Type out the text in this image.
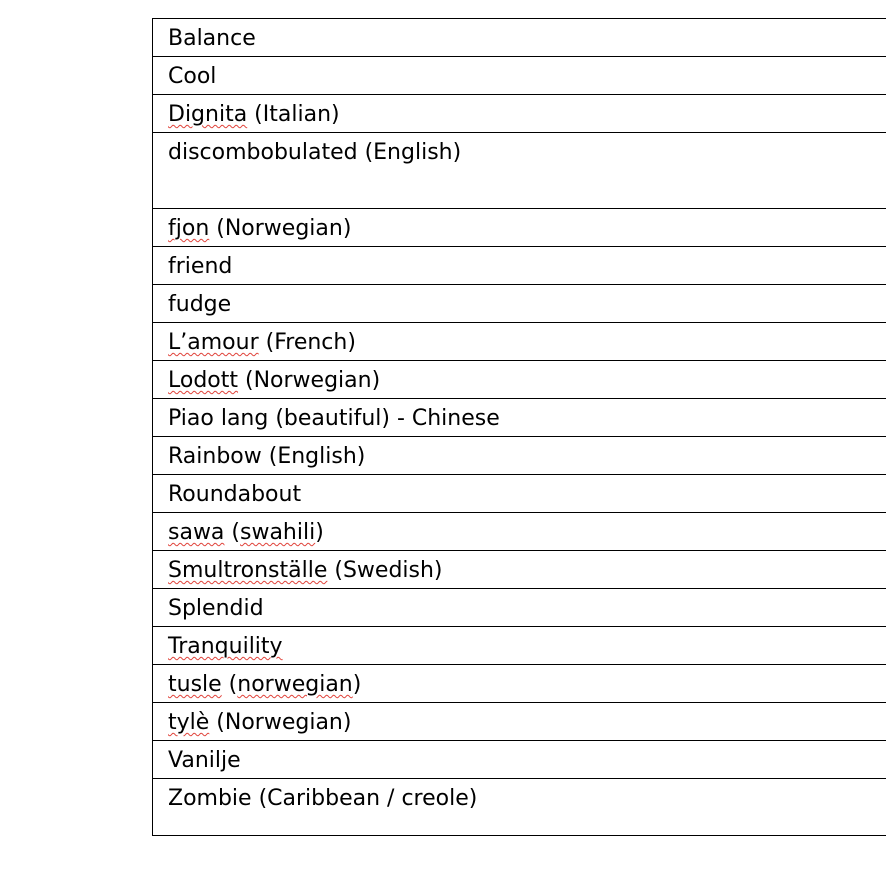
Balance
Cool
Dignita (Italian)
discombobulated (English)
fjon (Norwegian)
friend
fudge
L’amour (French)
Lodott (Norwegian)
Piao lang (beautiful) - Chinese
Rainbow (English)
Roundabout
sawa (swahili)
Smultronställe (Swedish)
Splendid
Tranquility
tusle (norwegian)
tylè (Norwegian)
Vanilje
Zombie (Caribbean / creole)
